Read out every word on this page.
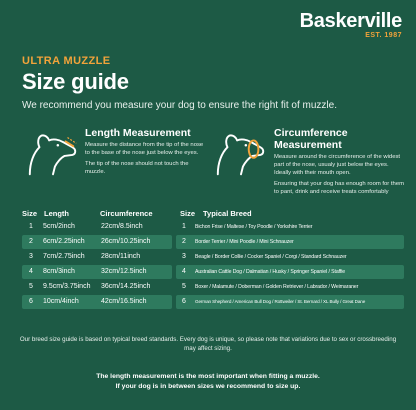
Baskerville
EST. 1987
ULTRA MUZZLE
Size guide
We recommend you measure your dog to ensure the right fit of muzzle.
Length Measurement
Measure the distance from the tip of the nose to the base of the nose just below the eyes.
The tip of the nose should not touch the muzzle.
Circumference Measurement
Measure around the circumference of the widest part of the nose, usualy just below the eyes. Ideally with their mouth open.
Ensuring that your dog has enough room for them to pant, drink and receive treats comfortably
Size Length	Circumference	Size Typical Breed
1 5cm/2inch	22cm/8.5inch
2 6cm/2.25inch 26cm/10.25inch
3 7cm/2.75inch 28cm/11inch
4 8cm/3inch	32cm/12.5inch
5 9.5cm/3.75inch 36cm/14.25inch
6 10cm/4inch	42cm/16.5inch
1 Bichon Frise / Maltese / Toy Poodle / Yorkshire Terrier
2 Border Terrier / Mini Poodle / Mini Schnauzer
3 Beagle / Border Collie / Cocker Spaniel / Corgi / Standard Schnauzer
4 Australian Cattle Dog / Dalmatian / Husky / Springer Spaniel / Staffie
5 Boxer / Malamute / Doberman / Golden Retriever / Labrador / Weimaraner
6 German Shepherd / American Bull Dog / Rottweiler / St. Bernard / XL Bully / Great Dane
Our breed size guide is based on typical breed standards. Every dog is unique, so please note that variations due to sex or crossbreeding may affect sizing.
The length measurement is the most important when fitting a muzzle.
If your dog is in between sizes we recommend to size up.
